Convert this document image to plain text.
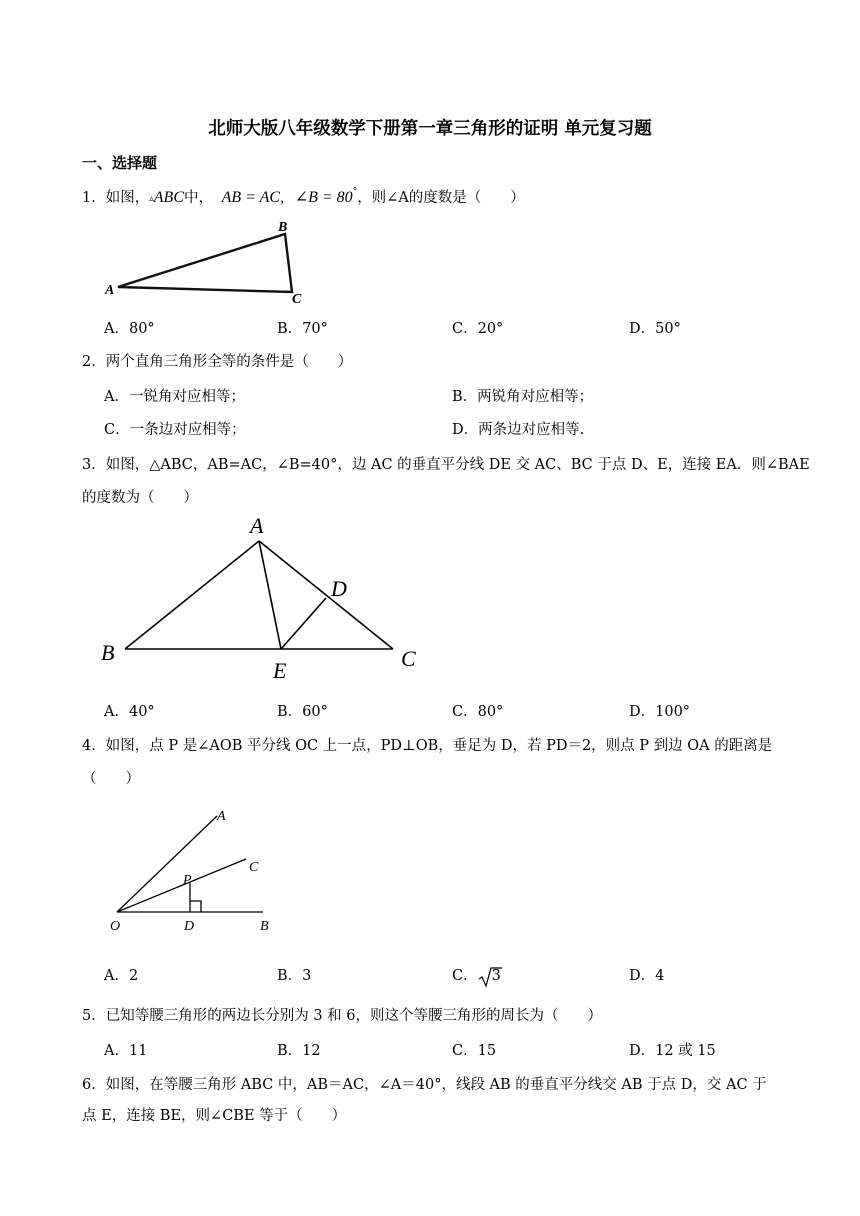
北师大版八年级数学下册第一章三角形的证明 单元复习题
一、选择题
1．如图，▵ABC中， AB = AC, ∠B = 80°，则∠A的度数是（　　）
A
B
C
A．80°	B．70°	C．20°	D．50°
2．两个直角三角形全等的条件是（　　）
A．一锐角对应相等；	B．两锐角对应相等；
C．一条边对应相等；	D．两条边对应相等.
3．如图，△ABC，AB=AC，∠B=40°，边 AC 的垂直平分线 DE 交 AC、BC 于点 D、E，连接 EA．则∠BAE
的度数为（　　）
A
B	C
D
E
A．40°	B．60°	C．80°	D．100°
4．如图，点 P 是∠AOB 平分线 OC 上一点，PD⊥OB，垂足为 D，若 PD＝2，则点 P 到边 OA 的距离是
（　　）
A
C
P
O	D	B
A．2	B．3	C． 3	D．4
5．已知等腰三角形的两边长分别为 3 和 6，则这个等腰三角形的周长为（　　）
A．11	B．12	C．15	D．12 或 15
6．如图，在等腰三角形 ABC 中，AB＝AC，∠A＝40°，线段 AB 的垂直平分线交 AB 于点 D，交 AC 于
点 E，连接 BE，则∠CBE 等于（　　）
